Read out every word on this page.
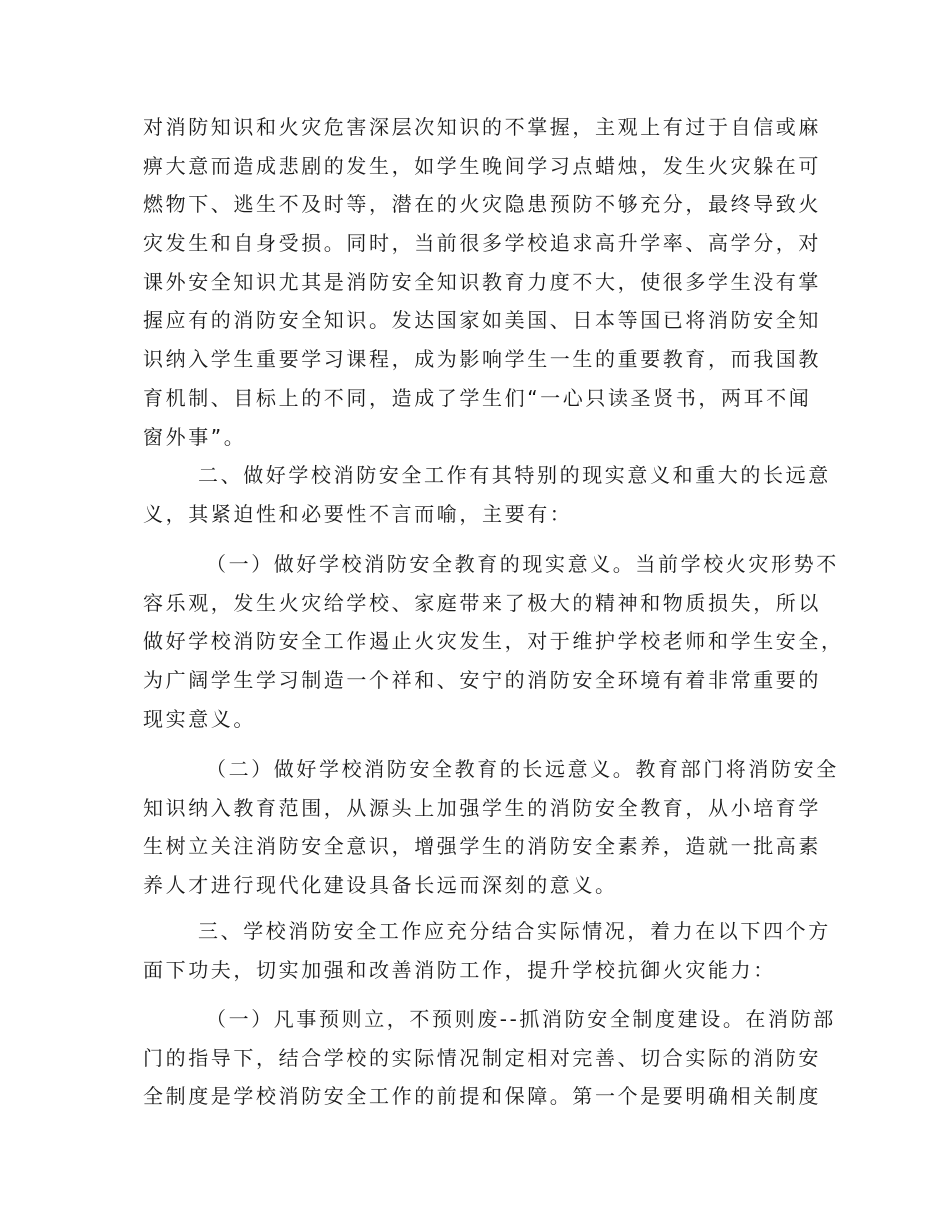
对消防知识和火灾危害深层次知识的不掌握，主观上有过于自信或麻
痹大意而造成悲剧的发生，如学生晚间学习点蜡烛，发生火灾躲在可
燃物下、逃生不及时等，潜在的火灾隐患预防不够充分，最终导致火
灾发生和自身受损。同时，当前很多学校追求高升学率、高学分，对
课外安全知识尤其是消防安全知识教育力度不大，使很多学生没有掌
握应有的消防安全知识。发达国家如美国、日本等国已将消防安全知
识纳入学生重要学习课程，成为影响学生一生的重要教育，而我国教
育机制、目标上的不同，造成了学生们“一心只读圣贤书，两耳不闻
窗外事”。
二、做好学校消防安全工作有其特别的现实意义和重大的长远意
义，其紧迫性和必要性不言而喻，主要有：
（一）做好学校消防安全教育的现实意义。当前学校火灾形势不
容乐观，发生火灾给学校、家庭带来了极大的精神和物质损失，所以
做好学校消防安全工作遏止火灾发生，对于维护学校老师和学生安全，
为广阔学生学习制造一个祥和、安宁的消防安全环境有着非常重要的
现实意义。
（二）做好学校消防安全教育的长远意义。教育部门将消防安全
知识纳入教育范围，从源头上加强学生的消防安全教育，从小培育学
生树立关注消防安全意识，增强学生的消防安全素养，造就一批高素
养人才进行现代化建设具备长远而深刻的意义。
三、学校消防安全工作应充分结合实际情况，着力在以下四个方
面下功夫，切实加强和改善消防工作，提升学校抗御火灾能力：
（一）凡事预则立，不预则废--抓消防安全制度建设。在消防部
门的指导下，结合学校的实际情况制定相对完善、切合实际的消防安
全制度是学校消防安全工作的前提和保障。第一个是要明确相关制度
